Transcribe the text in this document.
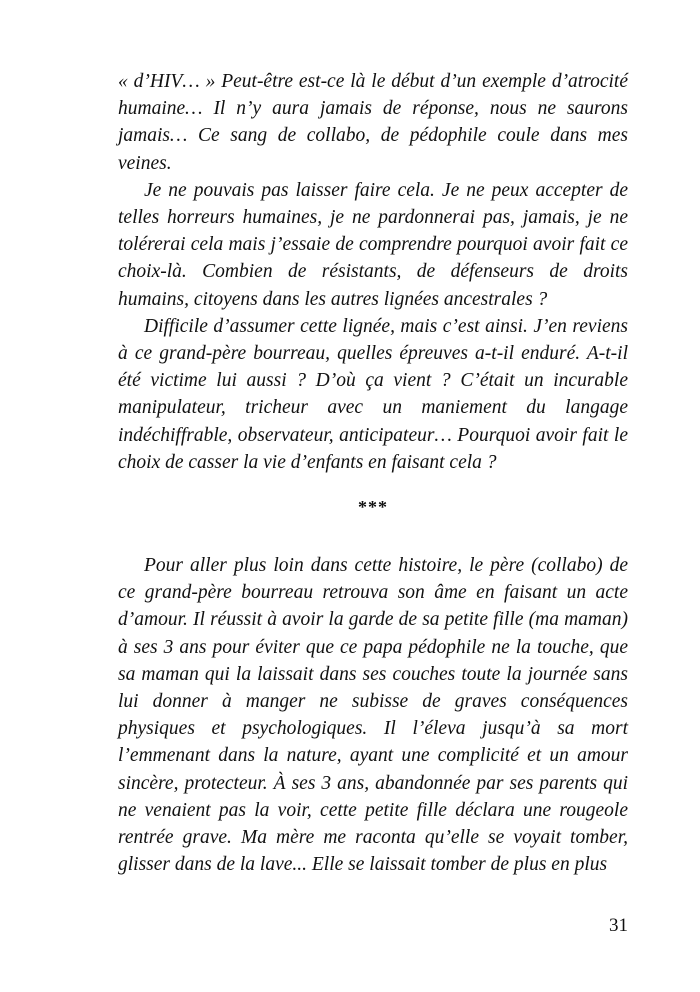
« d’HIV… » Peut-être est-ce là le début d’un exemple d’atrocité humaine… Il n’y aura jamais de réponse, nous ne saurons jamais… Ce sang de collabo, de pédophile coule dans mes veines.

Je ne pouvais pas laisser faire cela. Je ne peux accepter de telles horreurs humaines, je ne pardonnerai pas, jamais, je ne tolérerai cela mais j’essaie de comprendre pourquoi avoir fait ce choix-là. Combien de résistants, de défenseurs de droits humains, citoyens dans les autres lignées ancestrales ?

Difficile d’assumer cette lignée, mais c’est ainsi. J’en reviens à ce grand-père bourreau, quelles épreuves a-t-il enduré. A-t-il été victime lui aussi ? D’où ça vient ? C’était un incurable manipulateur, tricheur avec un maniement du langage indéchiffrable, observateur, anticipateur… Pourquoi avoir fait le choix de casser la vie d’enfants en faisant cela ?

***

Pour aller plus loin dans cette histoire, le père (collabo) de ce grand-père bourreau retrouva son âme en faisant un acte d’amour. Il réussit à avoir la garde de sa petite fille (ma maman) à ses 3 ans pour éviter que ce papa pédophile ne la touche, que sa maman qui la laissait dans ses couches toute la journée sans lui donner à manger ne subisse de graves conséquences physiques et psychologiques. Il l’éleva jusqu’à sa mort l’emmenant dans la nature, ayant une complicité et un amour sincère, protecteur. À ses 3 ans, abandonnée par ses parents qui ne venaient pas la voir, cette petite fille déclara une rougeole rentrée grave. Ma mère me raconta qu’elle se voyait tomber, glisser dans de la lave... Elle se laissait tomber de plus en plus

31
